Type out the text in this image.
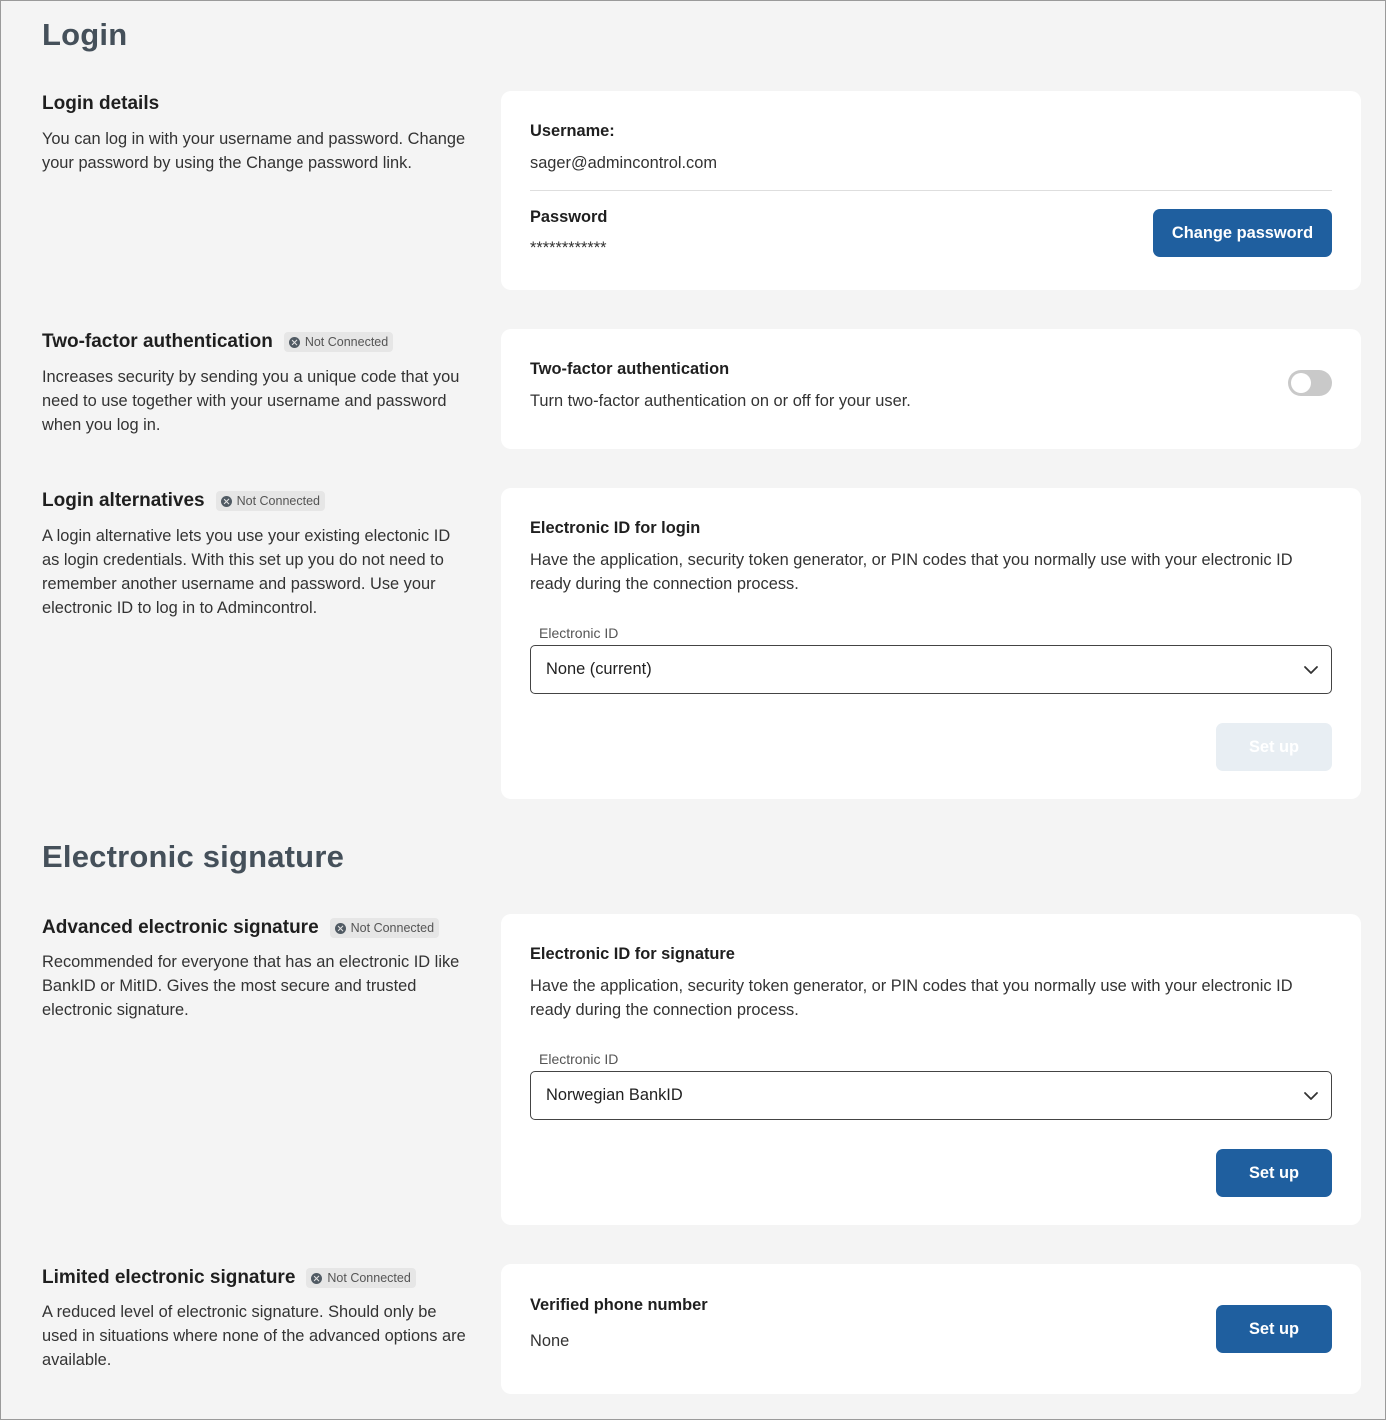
Login
Login details
You can log in with your username and password. Change your password by using the Change password link.
Username:
sager@admincontrol.com
Password
************
Change password
Two-factor authentication	Not Connected
Increases security by sending you a unique code that you need to use together with your username and password when you log in.
Two-factor authentication
Turn two-factor authentication on or off for your user.
Login alternatives	Not Connected
A login alternative lets you use your existing electonic ID as login credentials. With this set up you do not need to remember another username and password. Use your electronic ID to log in to Admincontrol.
Electronic ID for login
Have the application, security token generator, or PIN codes that you normally use with your electronic ID ready during the connection process.
Electronic ID
None (current)
Set up
Electronic signature
Advanced electronic signature	Not Connected
Recommended for everyone that has an electronic ID like BankID or MitID. Gives the most secure and trusted electronic signature.
Electronic ID for signature
Have the application, security token generator, or PIN codes that you normally use with your electronic ID ready during the connection process.
Electronic ID
Norwegian BankID
Set up
Limited electronic signature	Not Connected
A reduced level of electronic signature. Should only be used in situations where none of the advanced options are available.
Verified phone number
None
Set up
